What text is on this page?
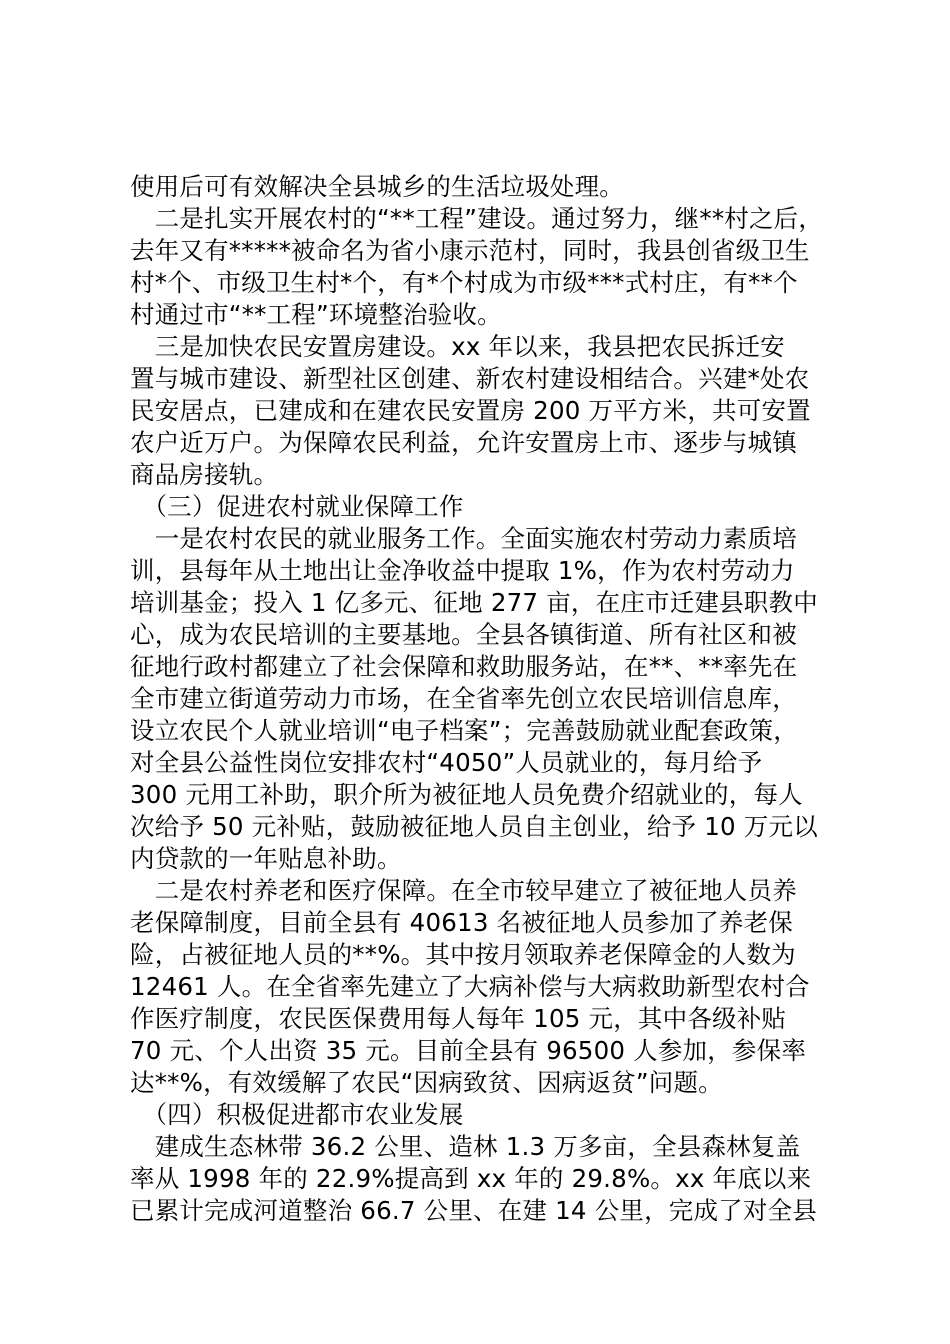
使用后可有效解决全县城乡的生活垃圾处理。
　二是扎实开展农村的“**工程”建设。通过努力，继**村之后，
去年又有*****被命名为省小康示范村，同时，我县创省级卫生
村*个、市级卫生村*个，有*个村成为市级***式村庄，有**个
村通过市“**工程”环境整治验收。
　三是加快农民安置房建设。xx 年以来，我县把农民拆迁安
置与城市建设、新型社区创建、新农村建设相结合。兴建*处农
民安居点，已建成和在建农民安置房 200 万平方米，共可安置
农户近万户。为保障农民利益，允许安置房上市、逐步与城镇
商品房接轨。
　（三）促进农村就业保障工作
　一是农村农民的就业服务工作。全面实施农村劳动力素质培
训，县每年从土地出让金净收益中提取 1%，作为农村劳动力
培训基金；投入 1 亿多元、征地 277 亩，在庄市迁建县职教中
心，成为农民培训的主要基地。全县各镇街道、所有社区和被
征地行政村都建立了社会保障和救助服务站，在**、**率先在
全市建立街道劳动力市场，在全省率先创立农民培训信息库，
设立农民个人就业培训“电子档案”；完善鼓励就业配套政策，
对全县公益性岗位安排农村“4050”人员就业的，每月给予
300 元用工补助，职介所为被征地人员免费介绍就业的，每人
次给予 50 元补贴，鼓励被征地人员自主创业，给予 10 万元以
内贷款的一年贴息补助。
　二是农村养老和医疗保障。在全市较早建立了被征地人员养
老保障制度，目前全县有 40613 名被征地人员参加了养老保
险，占被征地人员的**%。其中按月领取养老保障金的人数为
12461 人。在全省率先建立了大病补偿与大病救助新型农村合
作医疗制度，农民医保费用每人每年 105 元，其中各级补贴
70 元、个人出资 35 元。目前全县有 96500 人参加，参保率
达**%，有效缓解了农民“因病致贫、因病返贫”问题。
　（四）积极促进都市农业发展
　建成生态林带 36.2 公里、造林 1.3 万多亩，全县森林复盖
率从 1998 年的 22.9%提高到 xx 年的 29.8%。xx 年底以来
已累计完成河道整治 66.7 公里、在建 14 公里，完成了对全县
